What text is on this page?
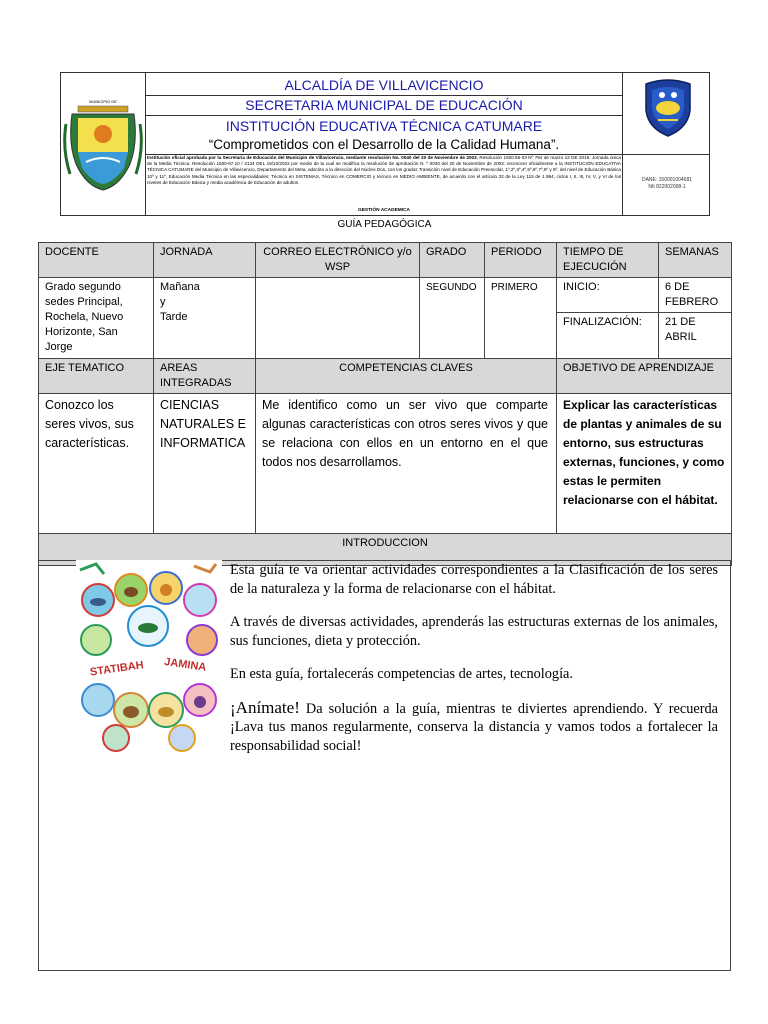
MUNICIPIO DE
ALCALDÍA DE VILLAVICENCIO
SECRETARIA MUNICIPAL DE EDUCACIÓN
INSTITUCIÓN EDUCATIVA TÉCNICA CATUMARE
“Comprometidos con el Desarrollo de la Calidad Humana”.
Institución oficial aprobada por la Secretaría de Educación del Municipio de Villavicencio, mediante resolución No. 0040 del 20 de Noviembre de 2003. Resolución 1500.56-03 Nº 794 de marzo 12 DE 2018: Jornada única de la Media Técnica. Resolución 1500-67.10 / 2134 DEL 19/10/2022 por medio de la cual se modifica la resolución de aprobación N. º 0040 del 20 de Noviembre de 2003: reconocer oficialmente a la INSTITUCIÓN EDUCATIVA TÉCNICA CATUMARE del Municipio de Villavicencio, Departamento del Meta, adscrito a la dirección del Núcleo Dos, con los grados Transición nivel de Educación Preescolar, 1º,2º,3º,4º,5º,6º,7º,8º y 9º, del nivel de Educación Básica 10º y 11º, Educación Media Técnica en las especialidades: Técnico en SISTEMAS, Técnico en COMERCIO y técnico en MEDIO AMBIENTE, de acuerdo con el artículo 32 de la Ley 115 de 1.994, ciclos I, II, III, IV, V, y VI de los niveles de Educación Básica y media académica de Educación de adultos.
GESTIÓN ACADEMICA
DANE: 150001004681
NIt 822002008-1
GUÍA PEDAGÓGICA
DOCENTE	JORNADA	CORREO ELECTRÓNICO y/o WSP	GRADO	PERIODO	TIEMPO DE EJECUCIÓN	SEMANAS
Grado segundo sedes Principal, Rochela, Nuevo Horizonte, San Jorge	Mañana
y
Tarde		SEGUNDO	PRIMERO	INICIO:	6 DE FEBRERO
					FINALIZACIÓN:	21 DE ABRIL
EJE TEMATICO	AREAS INTEGRADAS	COMPETENCIAS CLAVES			OBJETIVO DE APRENDIZAJE	
Conozco los seres vivos, sus características.	CIENCIAS NATURALES E INFORMATICA	Me identifico como un ser vivo que comparte algunas características con otros seres vivos y que se relaciona con ellos en un entorno en el que todos nos desarrollamos.			Explicar las características de plantas y animales de su entorno, sus estructuras externas, funciones, y como estas le permiten relacionarse con el hábitat.	
INTRODUCCION						
STATIBAH JAMINA

Esta guía te va orientar actividades correspondientes a la Clasificación de los seres de la naturaleza y la forma de relacionarse con el hábitat.

A través de diversas actividades, aprenderás las estructuras externas de los animales, sus funciones, dieta y protección.

En esta guía, fortalecerás competencias de artes, tecnología.

¡Anímate! Da solución a la guía, mientras te diviertes aprendiendo. Y recuerda ¡Lava tus manos regularmente, conserva la distancia y vamos todos a fortalecer la responsabilidad social!
